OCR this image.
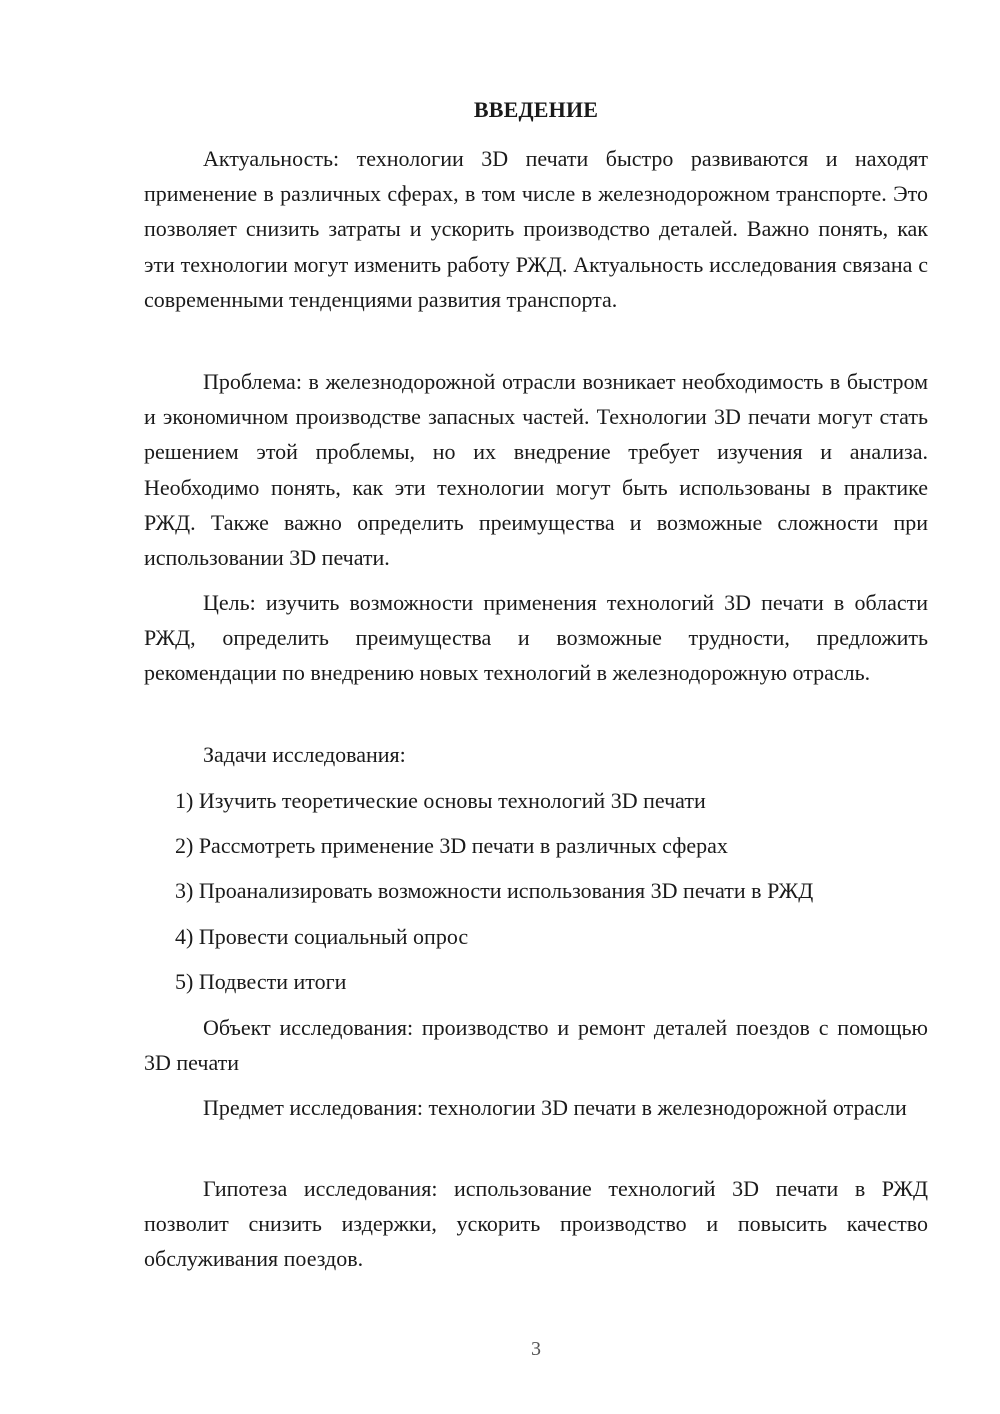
ВВЕДЕНИЕ

Актуальность: технологии 3D печати быстро развиваются и находят применение в различных сферах, в том числе в железнодорожном транспорте. Это позволяет снизить затраты и ускорить производство деталей. Важно понять, как эти технологии могут изменить работу РЖД. Актуальность исследования связана с современными тенденциями развития транспорта.

Проблема: в железнодорожной отрасли возникает необходимость в быстром и экономичном производстве запасных частей. Технологии 3D печати могут стать решением этой проблемы, но их внедрение требует изучения и анализа. Необходимо понять, как эти технологии могут быть использованы в практике РЖД. Также важно определить преимущества и возможные сложности при использовании 3D печати.

Цель: изучить возможности применения технологий 3D печати в области РЖД, определить преимущества и возможные трудности, предложить рекомендации по внедрению новых технологий в железнодорожную отрасль.

Задачи исследования:

1) Изучить теоретические основы технологий 3D печати

2) Рассмотреть применение 3D печати в различных сферах

3) Проанализировать возможности использования 3D печати в РЖД

4) Провести социальный опрос

5) Подвести итоги

Объект исследования: производство и ремонт деталей поездов с помощью 3D печати

Предмет исследования: технологии 3D печати в железнодорожной отрасли

Гипотеза исследования: использование технологий 3D печати в РЖД позволит снизить издержки, ускорить производство и повысить качество обслуживания поездов.

3
